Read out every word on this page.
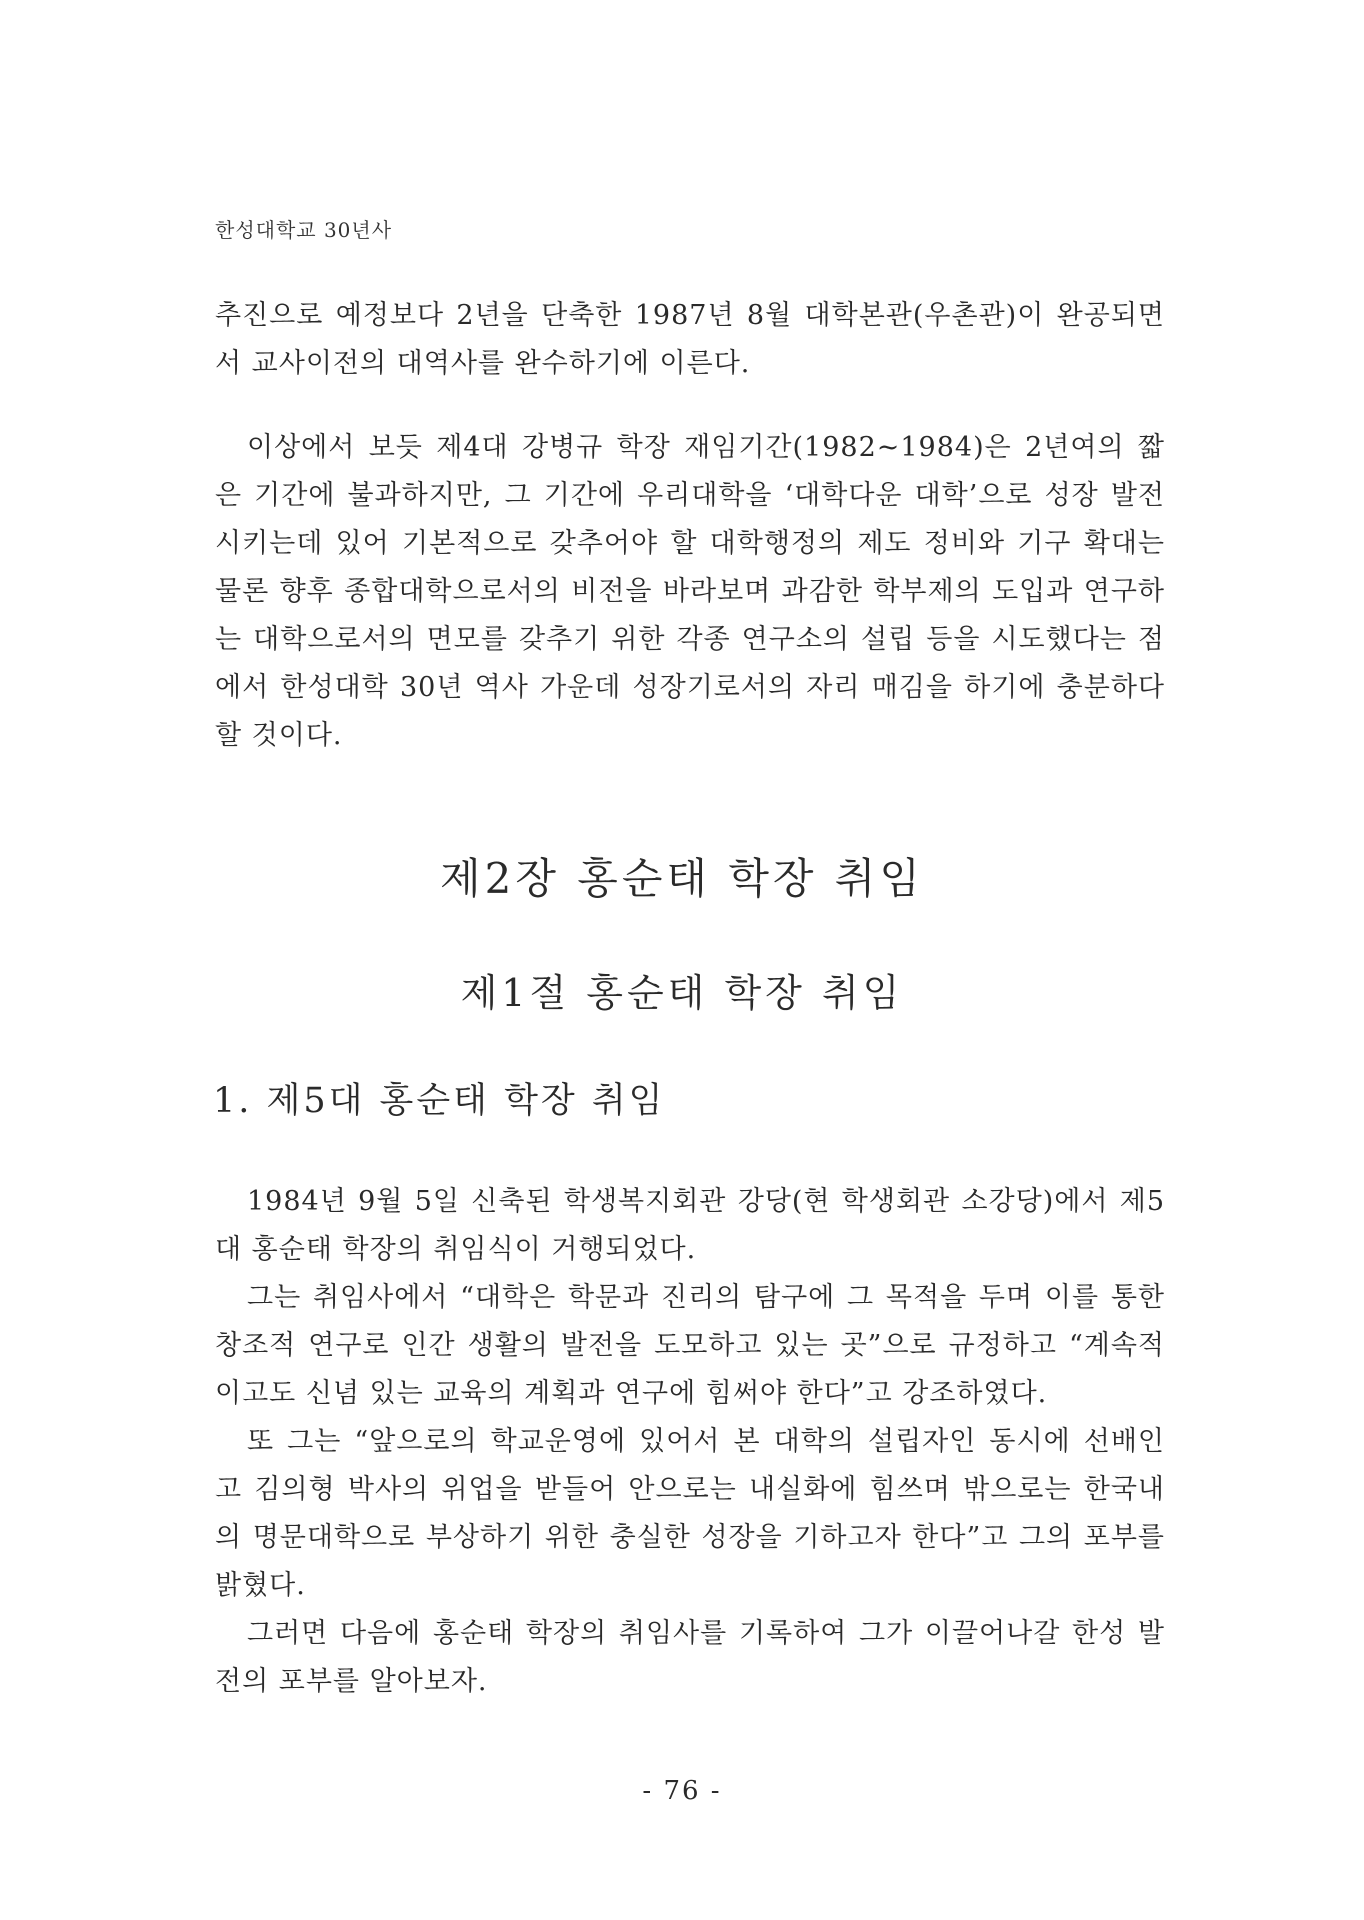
한성대학교 30년사

추진으로 예정보다 2년을 단축한 1987년 8월 대학본관(우촌관)이 완공되면서 교사이전의 대역사를 완수하기에 이른다.

이상에서 보듯 제4대 강병규 학장 재임기간(1982~1984)은 2년여의 짧은 기간에 불과하지만, 그 기간에 우리대학을 ‘대학다운 대학’으로 성장 발전시키는데 있어 기본적으로 갖추어야 할 대학행정의 제도 정비와 기구 확대는 물론 향후 종합대학으로서의 비전을 바라보며 과감한 학부제의 도입과 연구하는 대학으로서의 면모를 갖추기 위한 각종 연구소의 설립 등을 시도했다는 점에서 한성대학 30년 역사 가운데 성장기로서의 자리 매김을 하기에 충분하다 할 것이다.

제2장 홍순태 학장 취임
제1절 홍순태 학장 취임
1. 제5대 홍순태 학장 취임

1984년 9월 5일 신축된 학생복지회관 강당(현 학생회관 소강당)에서 제5대 홍순태 학장의 취임식이 거행되었다.

그는 취임사에서 “대학은 학문과 진리의 탐구에 그 목적을 두며 이를 통한 창조적 연구로 인간 생활의 발전을 도모하고 있는 곳”으로 규정하고 “계속적이고도 신념 있는 교육의 계획과 연구에 힘써야 한다”고 강조하였다.

또 그는 “앞으로의 학교운영에 있어서 본 대학의 설립자인 동시에 선배인 고 김의형 박사의 위업을 받들어 안으로는 내실화에 힘쓰며 밖으로는 한국내의 명문대학으로 부상하기 위한 충실한 성장을 기하고자 한다”고 그의 포부를 밝혔다.

그러면 다음에 홍순태 학장의 취임사를 기록하여 그가 이끌어나갈 한성 발전의 포부를 알아보자.

- 76 -
